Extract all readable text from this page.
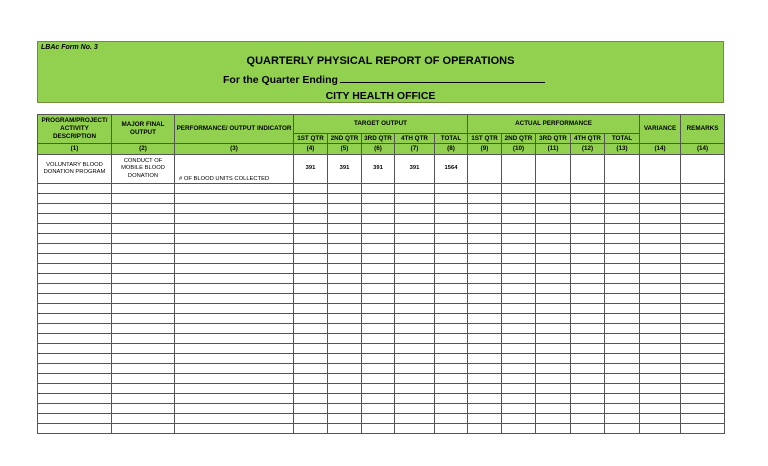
LBAc Form No. 3
QUARTERLY PHYSICAL REPORT OF OPERATIONS
For the Quarter Ending
CITY HEALTH OFFICE
PROGRAM/PROJECT/ ACTIVITY DESCRIPTION	MAJOR FINAL OUTPUT	PERFORMANCE/ OUTPUT INDICATOR	TARGET OUTPUT					ACTUAL PERFORMANCE					VARIANCE	REMARKS
			1ST QTR	2ND QTR	3RD QTR	4TH QTR	TOTAL	1ST QTR	2ND QTR	3RD QTR	4TH QTR	TOTAL		
(1)	(2)	(3)	(4)	(5)	(6)	(7)	(8)	(9)	(10)	(11)	(12)	(13)	(14)	(14)
VOLUNTARY BLOOD DONATION PROGRAM	CONDUCT OF MOBILE BLOOD DONATION	# OF BLOOD UNITS COLLECTED	391	391	391	391	1564							
